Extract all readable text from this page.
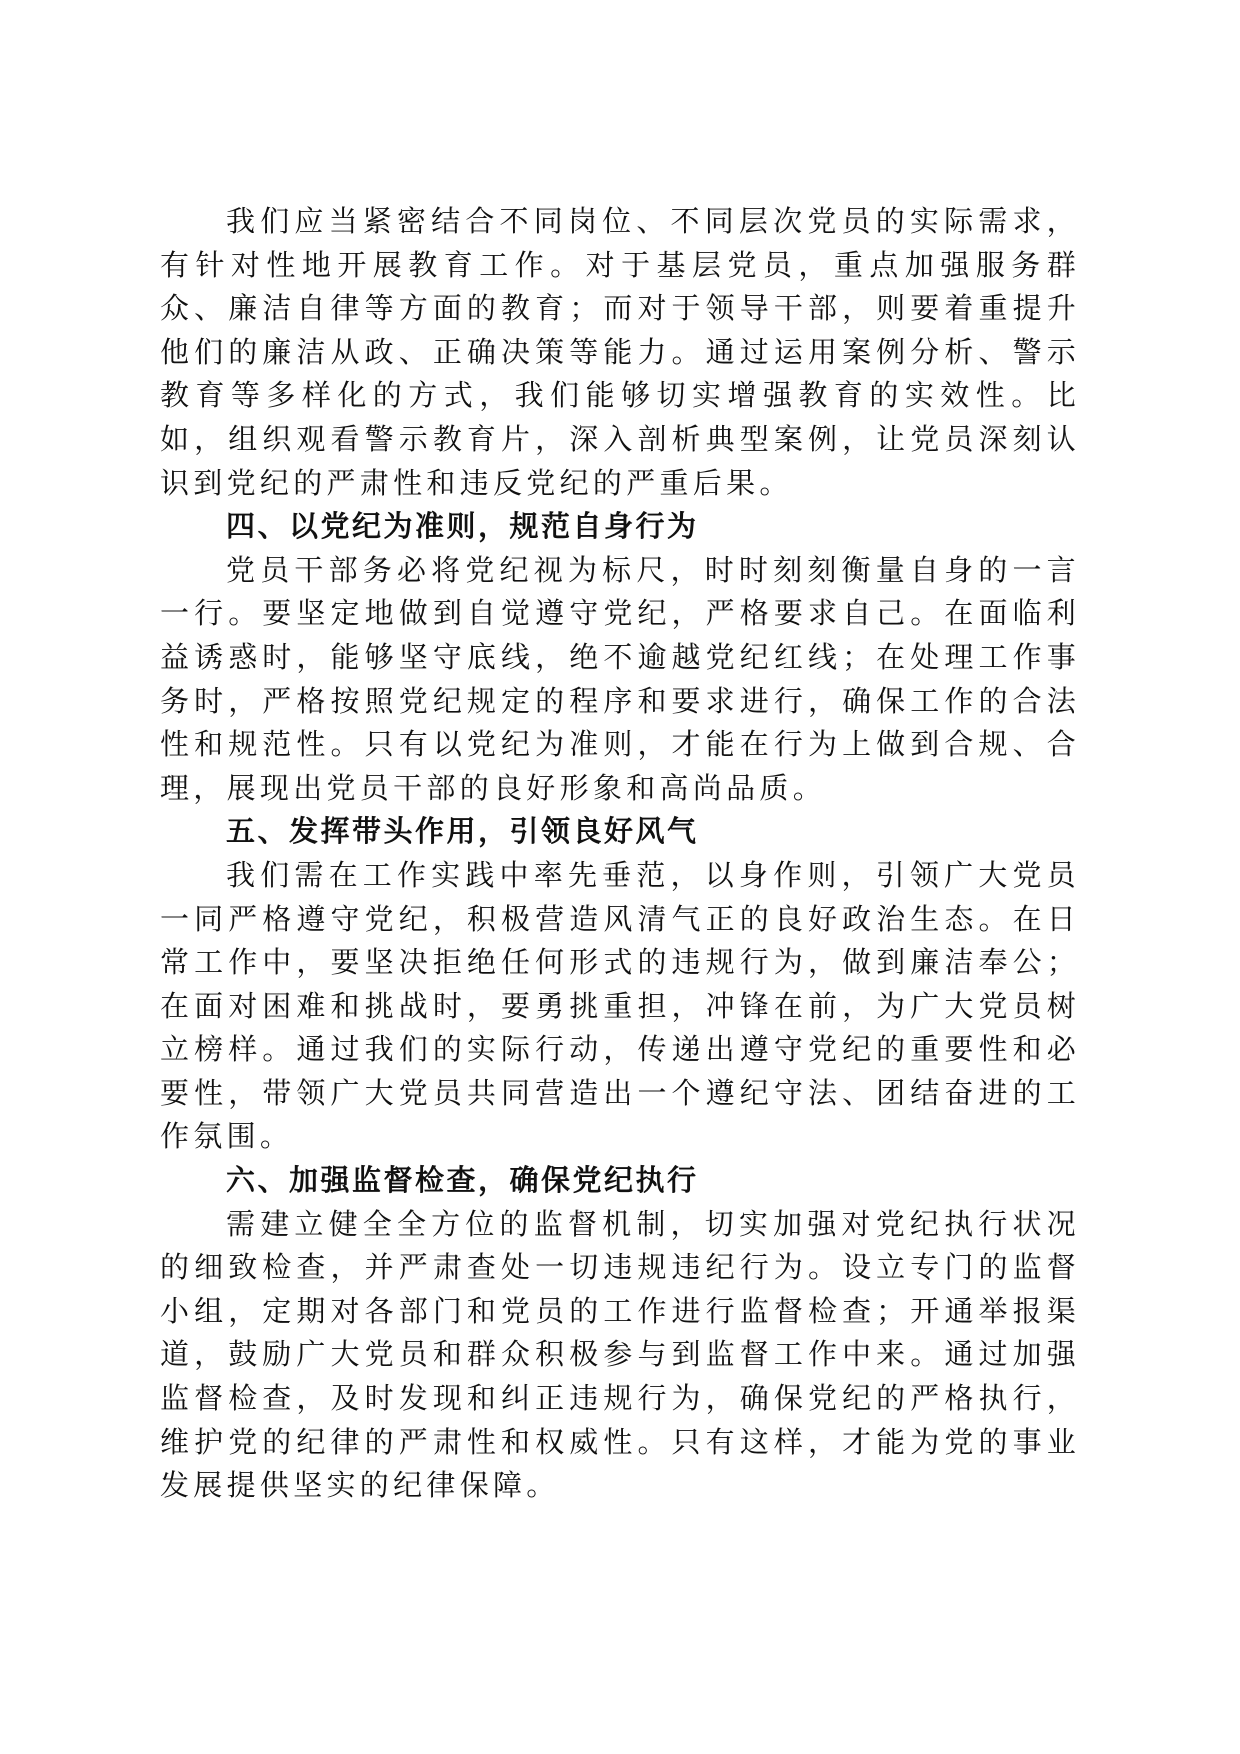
我们应当紧密结合不同岗位、不同层次党员的实际需求，有针对性地开展教育工作。对于基层党员，重点加强服务群众、廉洁自律等方面的教育；而对于领导干部，则要着重提升他们的廉洁从政、正确决策等能力。通过运用案例分析、警示教育等多样化的方式，我们能够切实增强教育的实效性。比如，组织观看警示教育片，深入剖析典型案例，让党员深刻认识到党纪的严肃性和违反党纪的严重后果。

四、以党纪为准则，规范自身行为

党员干部务必将党纪视为标尺，时时刻刻衡量自身的一言一行。要坚定地做到自觉遵守党纪，严格要求自己。在面临利益诱惑时，能够坚守底线，绝不逾越党纪红线；在处理工作事务时，严格按照党纪规定的程序和要求进行，确保工作的合法性和规范性。只有以党纪为准则，才能在行为上做到合规、合理，展现出党员干部的良好形象和高尚品质。

五、发挥带头作用，引领良好风气

我们需在工作实践中率先垂范，以身作则，引领广大党员一同严格遵守党纪，积极营造风清气正的良好政治生态。在日常工作中，要坚决拒绝任何形式的违规行为，做到廉洁奉公；在面对困难和挑战时，要勇挑重担，冲锋在前，为广大党员树立榜样。通过我们的实际行动，传递出遵守党纪的重要性和必要性，带领广大党员共同营造出一个遵纪守法、团结奋进的工作氛围。

六、加强监督检查，确保党纪执行

需建立健全全方位的监督机制，切实加强对党纪执行状况的细致检查，并严肃查处一切违规违纪行为。设立专门的监督小组，定期对各部门和党员的工作进行监督检查；开通举报渠道，鼓励广大党员和群众积极参与到监督工作中来。通过加强监督检查，及时发现和纠正违规行为，确保党纪的严格执行，维护党的纪律的严肃性和权威性。只有这样，才能为党的事业发展提供坚实的纪律保障。
